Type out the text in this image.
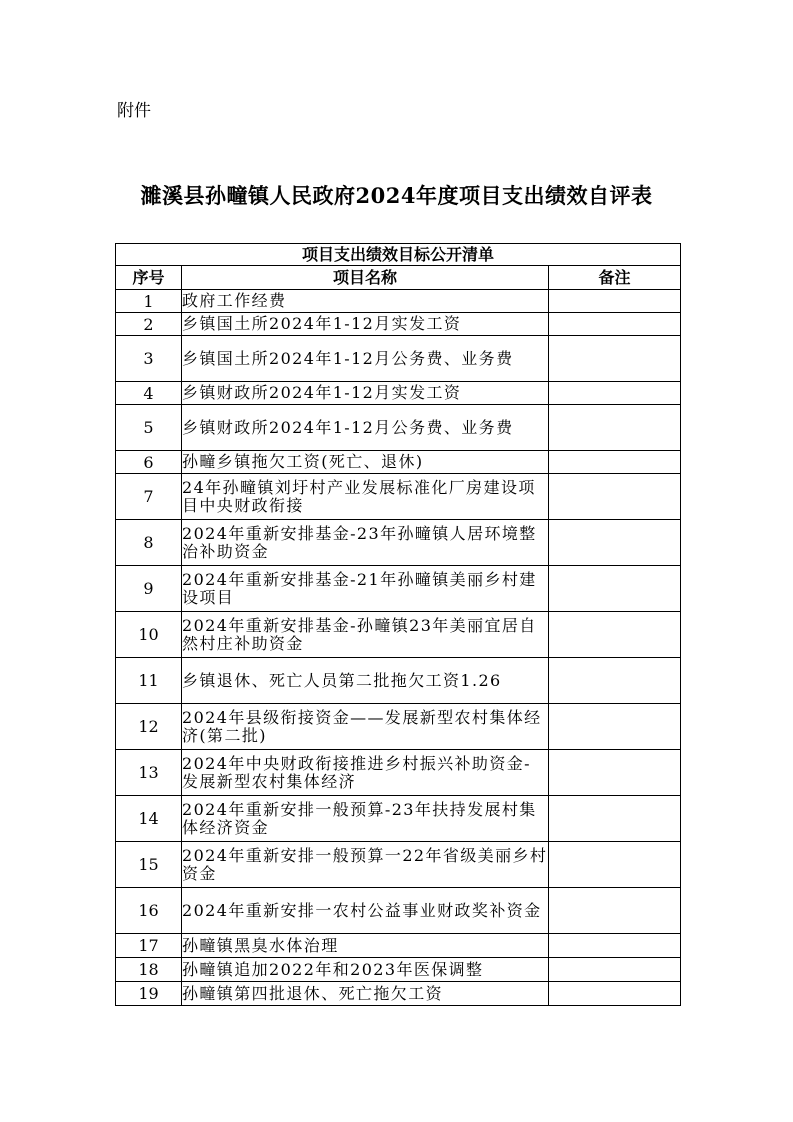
附件
濉溪县孙疃镇人民政府2024年度项目支出绩效自评表
项目支出绩效目标公开清单		
序号	项目名称	备注
1	政府工作经费	
2	乡镇国土所2024年1-12月实发工资	
3	乡镇国土所2024年1-12月公务费、业务费	
4	乡镇财政所2024年1-12月实发工资	
5	乡镇财政所2024年1-12月公务费、业务费	
6	孙疃乡镇拖欠工资(死亡、退休)	
7	24年孙疃镇刘圩村产业发展标准化厂房建设项目中央财政衔接	
8	2024年重新安排基金-23年孙疃镇人居环境整治补助资金	
9	2024年重新安排基金-21年孙疃镇美丽乡村建设项目	
10	2024年重新安排基金-孙疃镇23年美丽宜居自然村庄补助资金	
11	乡镇退休、死亡人员第二批拖欠工资1.26	
12	2024年县级衔接资金——发展新型农村集体经济(第二批)	
13	2024年中央财政衔接推进乡村振兴补助资金-发展新型农村集体经济	
14	2024年重新安排一般预算-23年扶持发展村集体经济资金	
15	2024年重新安排一般预算一22年省级美丽乡村资金	
16	2024年重新安排一农村公益事业财政奖补资金	
17	孙疃镇黑臭水体治理	
18	孙疃镇追加2022年和2023年医保调整	
19	孙疃镇第四批退休、死亡拖欠工资	
